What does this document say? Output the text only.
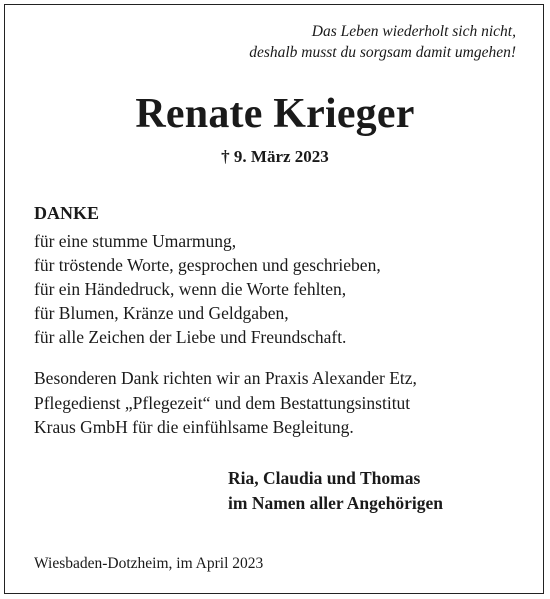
Das Leben wiederholt sich nicht,
deshalb musst du sorgsam damit umgehen!
Renate Krieger
† 9. März 2023
DANKE
für eine stumme Umarmung,
für tröstende Worte, gesprochen und geschrieben,
für ein Händedruck, wenn die Worte fehlten,
für Blumen, Kränze und Geldgaben,
für alle Zeichen der Liebe und Freundschaft.
Besonderen Dank richten wir an Praxis Alexander Etz,
Pflegedienst „Pflegezeit“ und dem Bestattungsinstitut
Kraus GmbH für die einfühlsame Begleitung.
Ria, Claudia und Thomas
im Namen aller Angehörigen
Wiesbaden-Dotzheim, im April 2023
